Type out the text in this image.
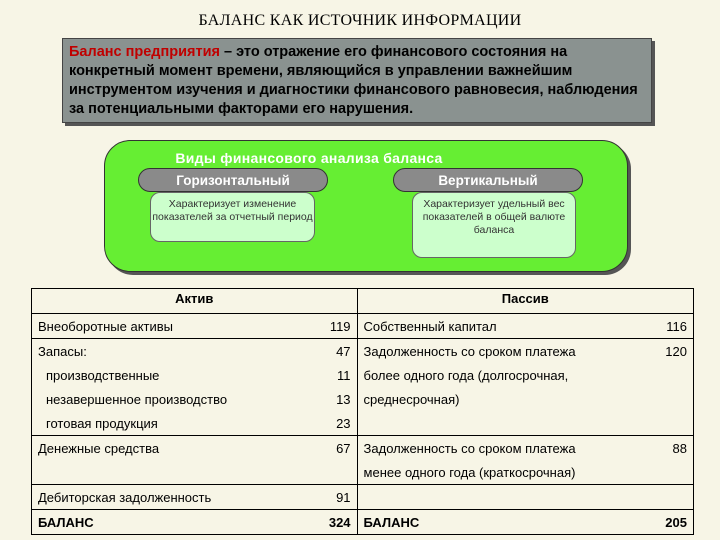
БАЛАНС КАК ИСТОЧНИК ИНФОРМАЦИИ
Баланс предприятия – это отражение его финансового состояния на конкретный момент времени, являющийся в управлении важнейшим инструментом изучения и диагностики финансового равновесия, наблюдения за потенциальными факторами его нарушения.
Виды финансового анализа баланса
Горизонтальный	Вертикальный
Характеризует изменение показателей за отчетный период
Характеризует удельный вес показателей в общей валюте баланса
Актив		Пассив	
Внеоборотные активы	119	Собственный капитал	116
Запасы:	47	Задолженность со сроком платежа	120
производственные	11	более одного года (долгосрочная,	
незавершенное производство	13	среднесрочная)	
готовая продукция	23		
Денежные средства	67	Задолженность со сроком платежа	88
		менее одного года (краткосрочная)	
Дебиторская задолженность	91		
БАЛАНС	324	БАЛАНС	205
